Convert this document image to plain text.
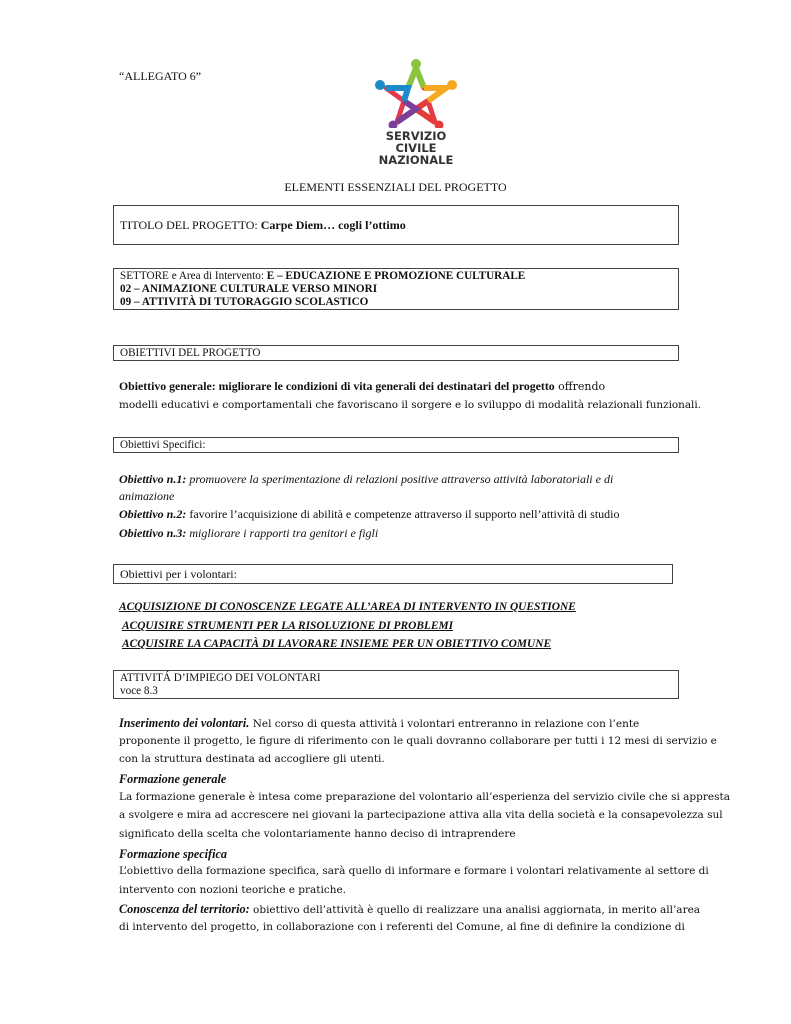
“ALLEGATO 6”
SERVIZIO CIVILE
NAZIONALE
ELEMENTI ESSENZIALI DEL PROGETTO
TITOLO DEL PROGETTO: Carpe Diem… cogli l’ottimo
SETTORE e Area di Intervento: E – EDUCAZIONE E PROMOZIONE CULTURALE
02 – ANIMAZIONE CULTURALE VERSO MINORI
09 – ATTIVITÀ DI TUTORAGGIO SCOLASTICO
OBIETTIVI DEL PROGETTO
Obiettivo generale: migliorare le condizioni di vita generali dei destinatari del progetto offrendo
modelli educativi e comportamentali che favoriscano il sorgere e lo sviluppo di modalità relazionali funzionali.
Obiettivi Specifici:
Obiettivo n.1: promuovere la sperimentazione di relazioni positive attraverso attività laboratoriali e di
animazione
Obiettivo n.2: favorire l’acquisizione di abilità e competenze attraverso il supporto nell’attività di studio
Obiettivo n.3: migliorare i rapporti tra genitori e figli
Obiettivi per i volontari:
ACQUISIZIONE DI CONOSCENZE LEGATE ALL’AREA DI INTERVENTO IN QUESTIONE
ACQUISIRE STRUMENTI PER LA RISOLUZIONE DI PROBLEMI
ACQUISIRE LA CAPACITÀ DI LAVORARE INSIEME PER UN OBIETTIVO COMUNE
ATTIVITÁ D’IMPIEGO DEI VOLONTARI
voce 8.3
Inserimento dei volontari. Nel corso di questa attività i volontari entreranno in relazione con l’ente
proponente il progetto, le figure di riferimento con le quali dovranno collaborare per tutti i 12 mesi di servizio e
con la struttura destinata ad accogliere gli utenti.
Formazione generale
La formazione generale è intesa come preparazione del volontario all’esperienza del servizio civile che si appresta
a svolgere e mira ad accrescere nei giovani la partecipazione attiva alla vita della società e la consapevolezza sul
significato della scelta che volontariamente hanno deciso di intraprendere
Formazione specifica
L’obiettivo della formazione specifica, sarà quello di informare e formare i volontari relativamente al settore di
intervento con nozioni teoriche e pratiche.
Conoscenza del territorio: obiettivo dell’attività è quello di realizzare una analisi aggiornata, in merito all’area
di intervento del progetto, in collaborazione con i referenti del Comune, al fine di definire la condizione di
